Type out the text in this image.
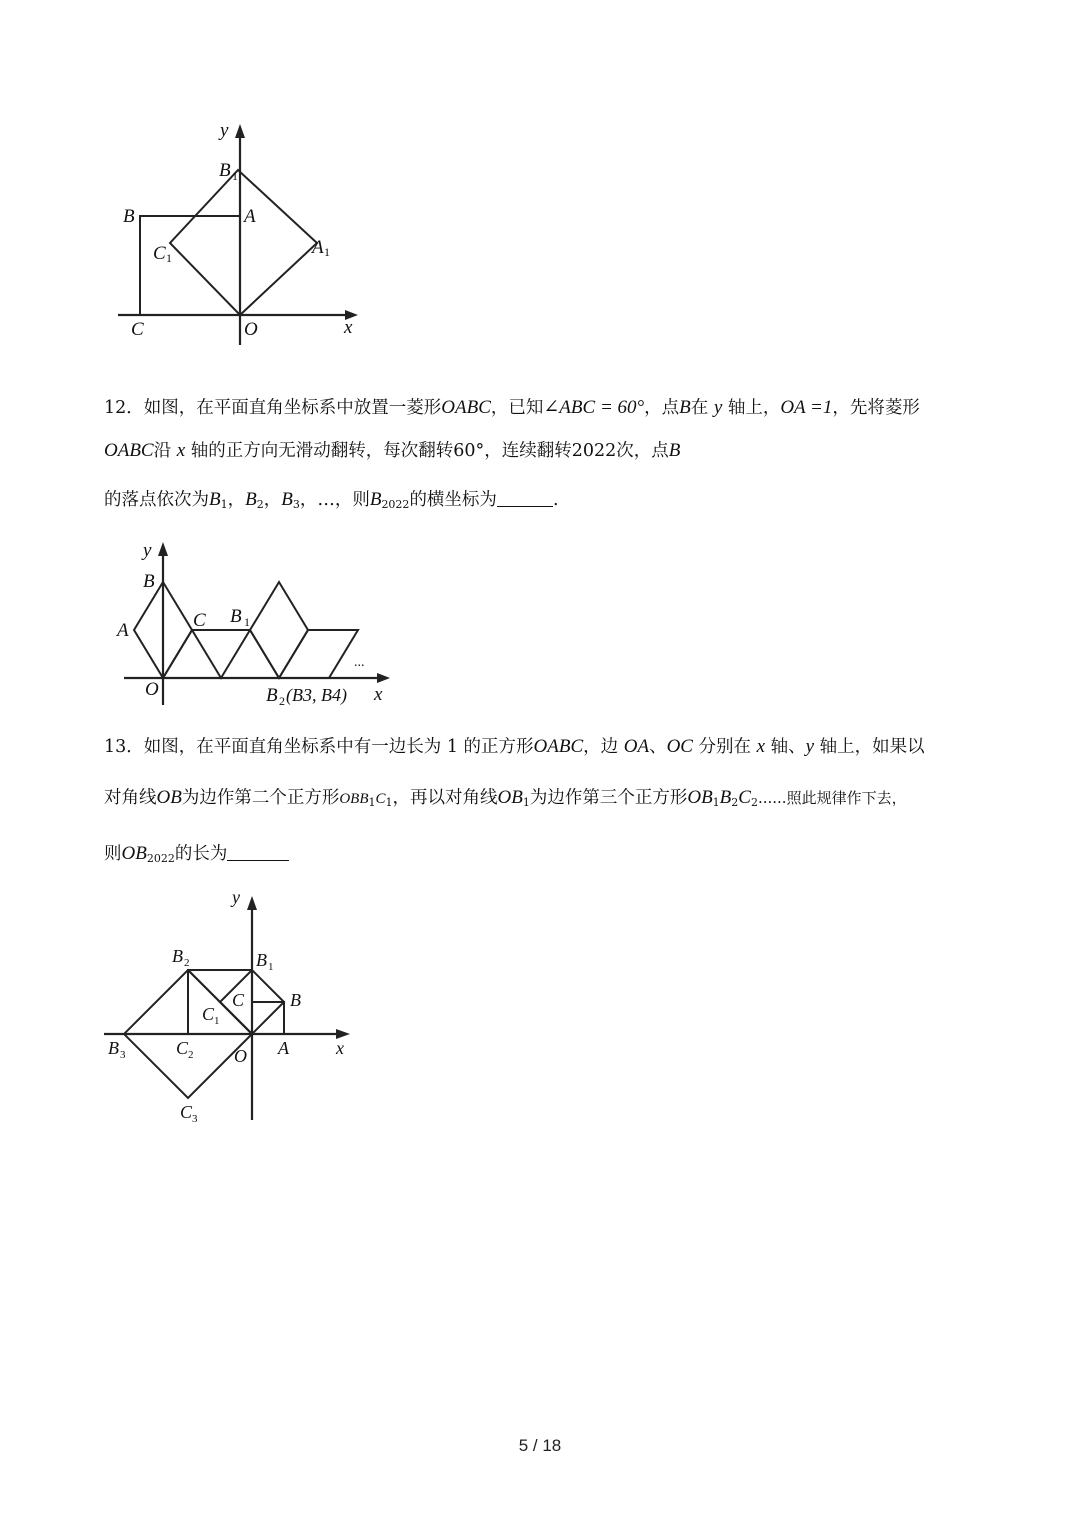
y
x
B 1
B	A
C 1	A 1
C	O
12．如图，在平面直角坐标系中放置一菱形OABC，已知∠ABC = 60°，点B在 y 轴上，OA =1，先将菱形
OABC沿 x 轴的正方向无滑动翻转，每次翻转60°，连续翻转2022次，点B
的落点依次为$B_1$，$B_2$，$B_3$，…，则$B_{2022}$的横坐标为	.
B
A	C B 1
O	x
y
B 2 (B3, B4)
...
13．如图，在平面直角坐标系中有一边长为 1 的正方形OABC，边 OA、OC 分别在 x 轴、y 轴上，如果以
对角线OB为边作第二个正方形$OBB_1C_1$，再以对角线$OB_1$为边作第三个正方形$OB_1B_2C_2$......照此规律作下去，
则$OB_{2022}$的长为
y
x
B 2	B 1
C	B
C 1
B 3	C 2 O A
C 3
5 / 18
